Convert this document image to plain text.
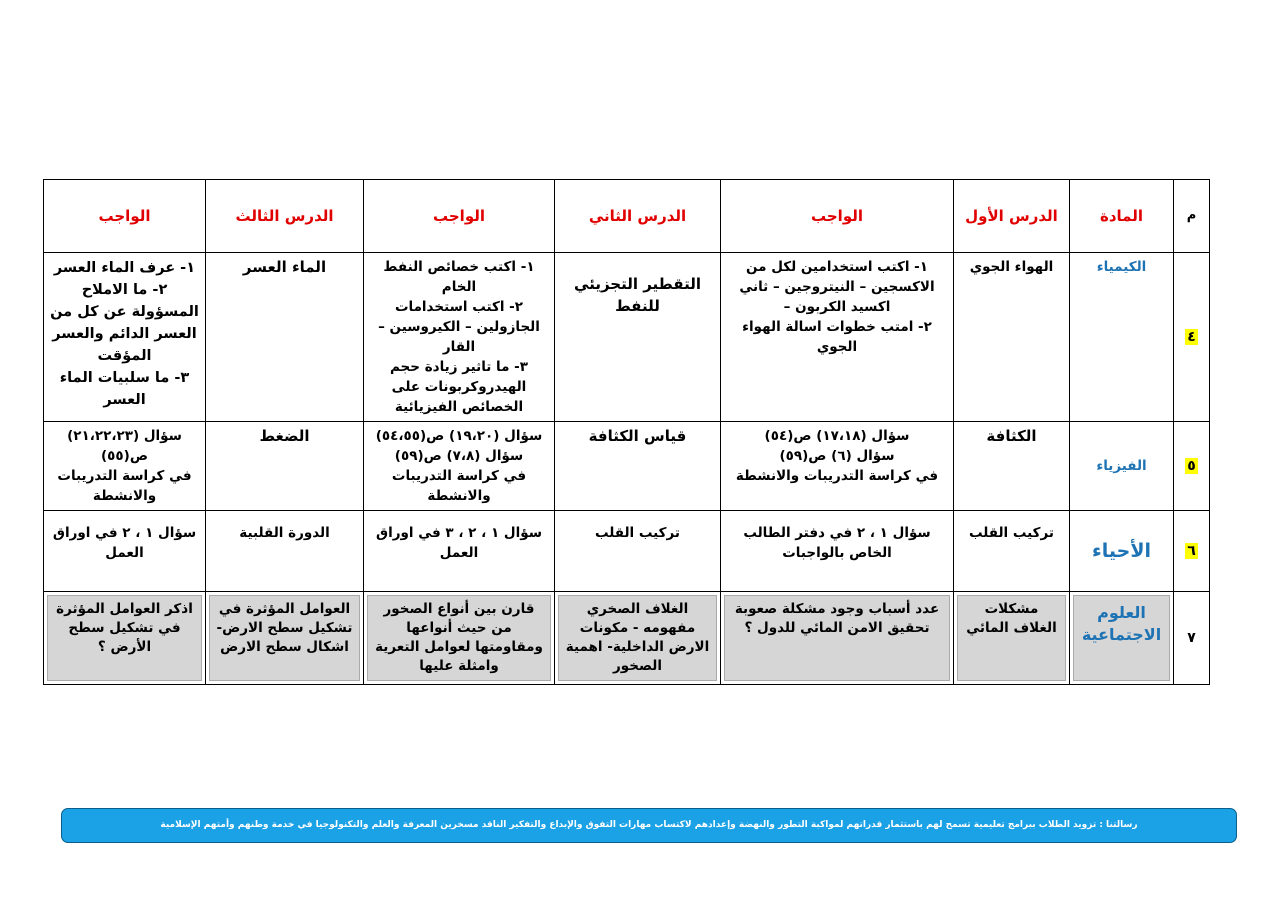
م	المادة	الدرس الأول	الواجب	الدرس الثاني	الواجب	الدرس الثالث	الواجب
٤	الكيمياء	الهواء الجوي	١- اكتب استخدامين لكل من الاكسجين – النيتروجين – ثاني اكسيد الكربون –
٢- امتب خطوات اسالة الهواء الجوي	التقطير التجزيئي للنفط	١- اكتب خصائص النفط الخام
٢- اكتب استخدامات الجازولين – الكيروسين – القار
٣- ما تاثير زيادة حجم الهيدروكربونات على الخصائص الفيزيائية	الماء العسر	١- عرف الماء العسر
٢- ما الاملاح المسؤولة عن كل من العسر الدائم والعسر المؤقت
٣- ما سلبيات الماء العسر

٥	الفيزياء	الكثافة	سؤال (١٧،١٨) ص(٥٤)
سؤال (٦) ص(٥٩)
في كراسة التدريبات والانشطة	قياس الكثافة	سؤال (١٩،٢٠) ص(٥٤،٥٥)
سؤال (٧،٨) ص(٥٩)
في كراسة التدريبات والانشطة	الضغط	سؤال (٢١،٢٢،٢٣) ص(٥٥)
في كراسة التدريبات والانشطة

٦	الأحياء	تركيب القلب	سؤال ١ ، ٢ في دفتر الطالب الخاص بالواجبات	تركيب القلب	سؤال ١ ، ٢ ، ٣ في اوراق العمل	الدورة القلبية	سؤال ١ ، ٢ في اوراق العمل
٧	العلوم الاجتماعية	مشكلات الغلاف المائي	عدد أسباب وجود مشكلة صعوبة تحقيق الامن المائي للدول ؟	الغلاف الصخري مفهومه - مكونات الارض الداخلية- اهمية الصخور	قارن بين أنواع الصخور من حيث أنواعها ومقاومتها لعوامل التعرية وامثلة عليها	العوامل المؤثرة في تشكيل سطح الارض- اشكال سطح الارض	اذكر العوامل المؤثرة في تشكيل سطح الأرض ؟
رسالتنا : تزويد الطلاب ببرامج تعليمية تسمح لهم باستثمار قدراتهم لمواكبة التطور والنهضة وإعدادهم لاكتساب مهارات التفوق والإبداع والتفكير الناقد مسخرين المعرفة والعلم والتكنولوجيا في خدمة وطنهم وأمتهم الإسلامية
